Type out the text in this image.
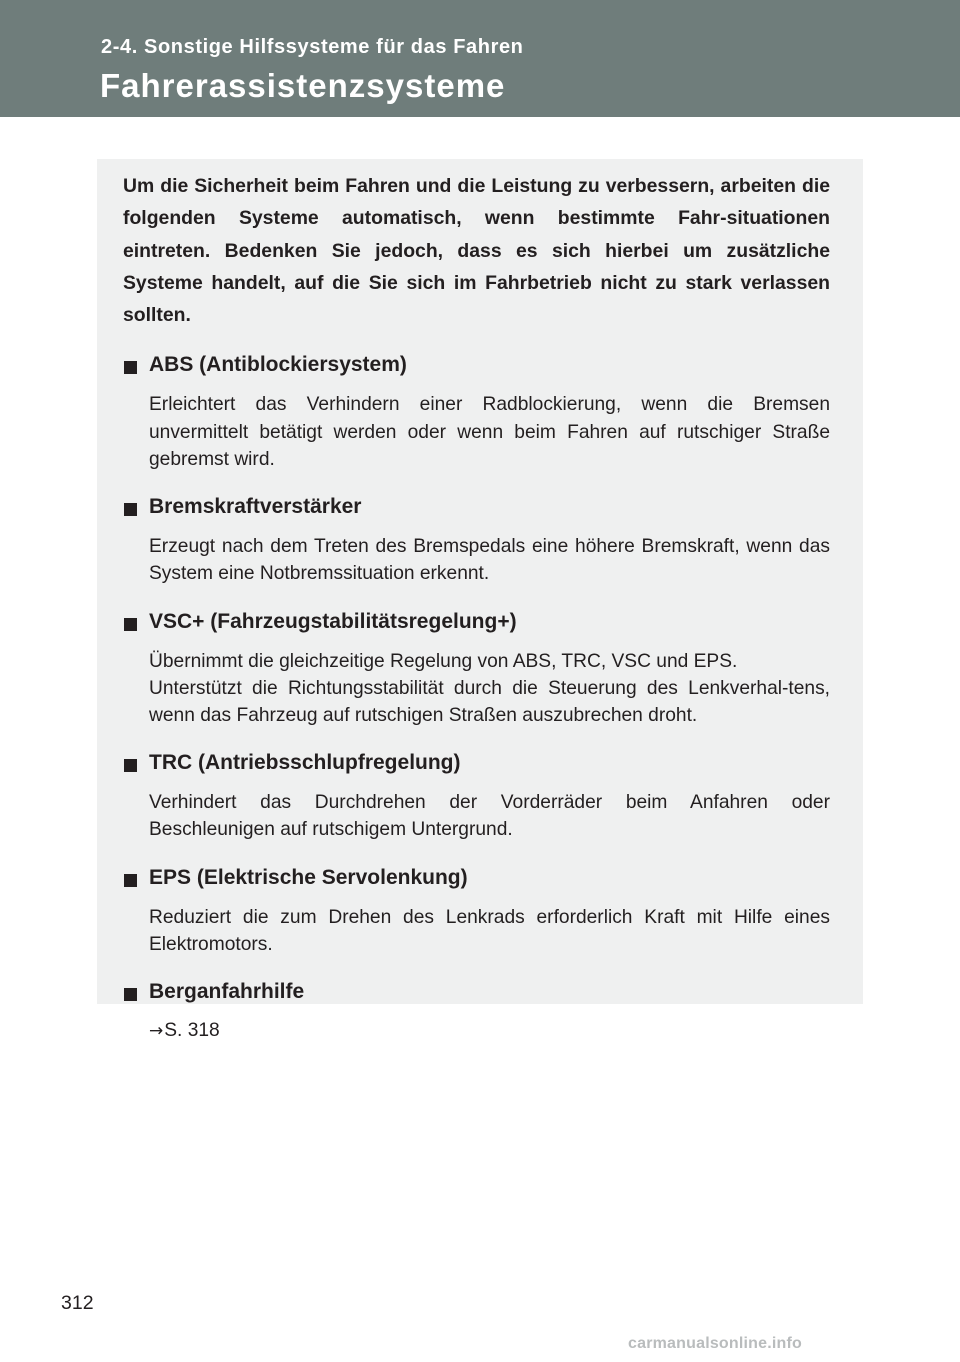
2-4. Sonstige Hilfssysteme für das Fahren
Fahrerassistenzsysteme

Um die Sicherheit beim Fahren und die Leistung zu verbessern, arbeiten die folgenden Systeme automatisch, wenn bestimmte Fahr-situationen eintreten. Bedenken Sie jedoch, dass es sich hierbei um zusätzliche Systeme handelt, auf die Sie sich im Fahrbetrieb nicht zu stark verlassen sollten.

ABS (Antiblockiersystem)

Erleichtert das Verhindern einer Radblockierung, wenn die Bremsen unvermittelt betätigt werden oder wenn beim Fahren auf rutschiger Straße gebremst wird.

Bremskraftverstärker

Erzeugt nach dem Treten des Bremspedals eine höhere Bremskraft, wenn das System eine Notbremssituation erkennt.

VSC+ (Fahrzeugstabilitätsregelung+)

Übernimmt die gleichzeitige Regelung von ABS, TRC, VSC und EPS.

Unterstützt die Richtungsstabilität durch die Steuerung des Lenkverhal-tens, wenn das Fahrzeug auf rutschigen Straßen auszubrechen droht.

TRC (Antriebsschlupfregelung)

Verhindert das Durchdrehen der Vorderräder beim Anfahren oder Beschleunigen auf rutschigem Untergrund.

EPS (Elektrische Servolenkung)

Reduziert die zum Drehen des Lenkrads erforderlich Kraft mit Hilfe eines Elektromotors.

Berganfahrhilfe

→S. 318

312
carmanualsonline.info
